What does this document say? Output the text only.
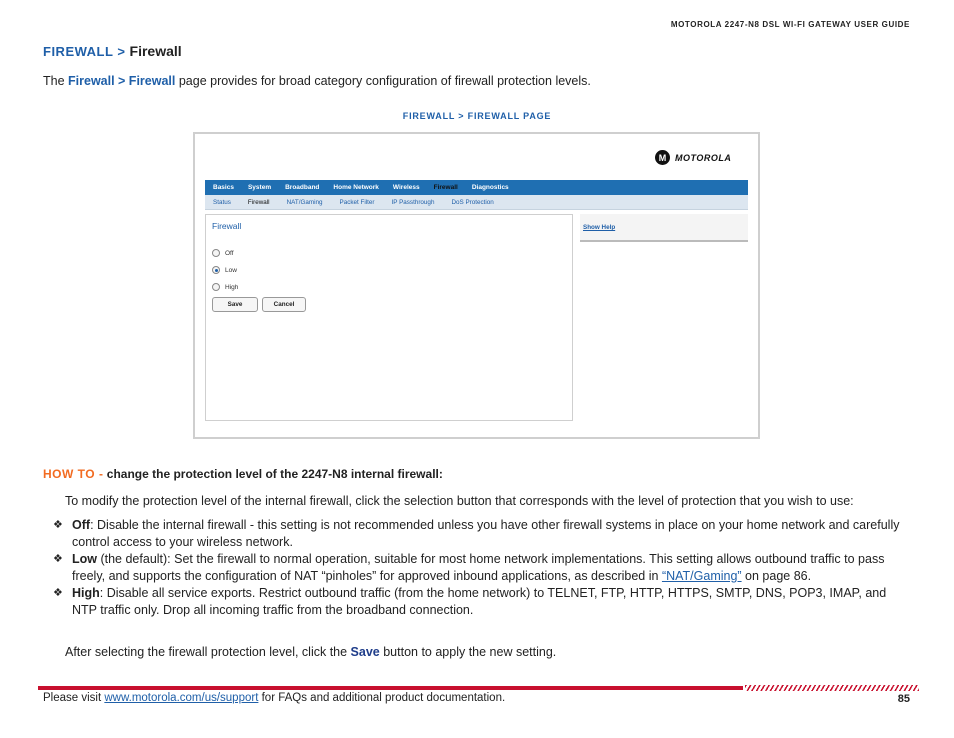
MOTOROLA 2247-N8 DSL WI-FI GATEWAY USER GUIDE
FIREWALL > Firewall
The Firewall > Firewall page provides for broad category configuration of firewall protection levels.
FIREWALL > FIREWALL PAGE
M MOTOROLA
Basics System Broadband Home Network Wireless Firewall Diagnostics
Status	Firewall	NAT/Gaming	Packet Filter	IP Passthrough	DoS Protection
Firewall
Off
Low
High
Save	Cancel
Show Help
HOW TO - change the protection level of the 2247-N8 internal firewall:
To modify the protection level of the internal firewall, click the selection button that corresponds with the level of protection that you wish to use:
❖ Off: Disable the internal firewall - this setting is not recommended unless you have other firewall systems in place on your home network and carefully control access to your wireless network.
❖ Low (the default): Set the firewall to normal operation, suitable for most home network implementations. This setting allows outbound traffic to pass freely, and supports the configuration of NAT “pinholes” for approved inbound applications, as described in “NAT/Gaming” on page 86.
❖ High: Disable all service exports. Restrict outbound traffic (from the home network) to TELNET, FTP, HTTP, HTTPS, SMTP, DNS, POP3, IMAP, and NTP traffic only. Drop all incoming traffic from the broadband connection.
After selecting the firewall protection level, click the Save button to apply the new setting.
Please visit www.motorola.com/us/support for FAQs and additional product documentation.	85
